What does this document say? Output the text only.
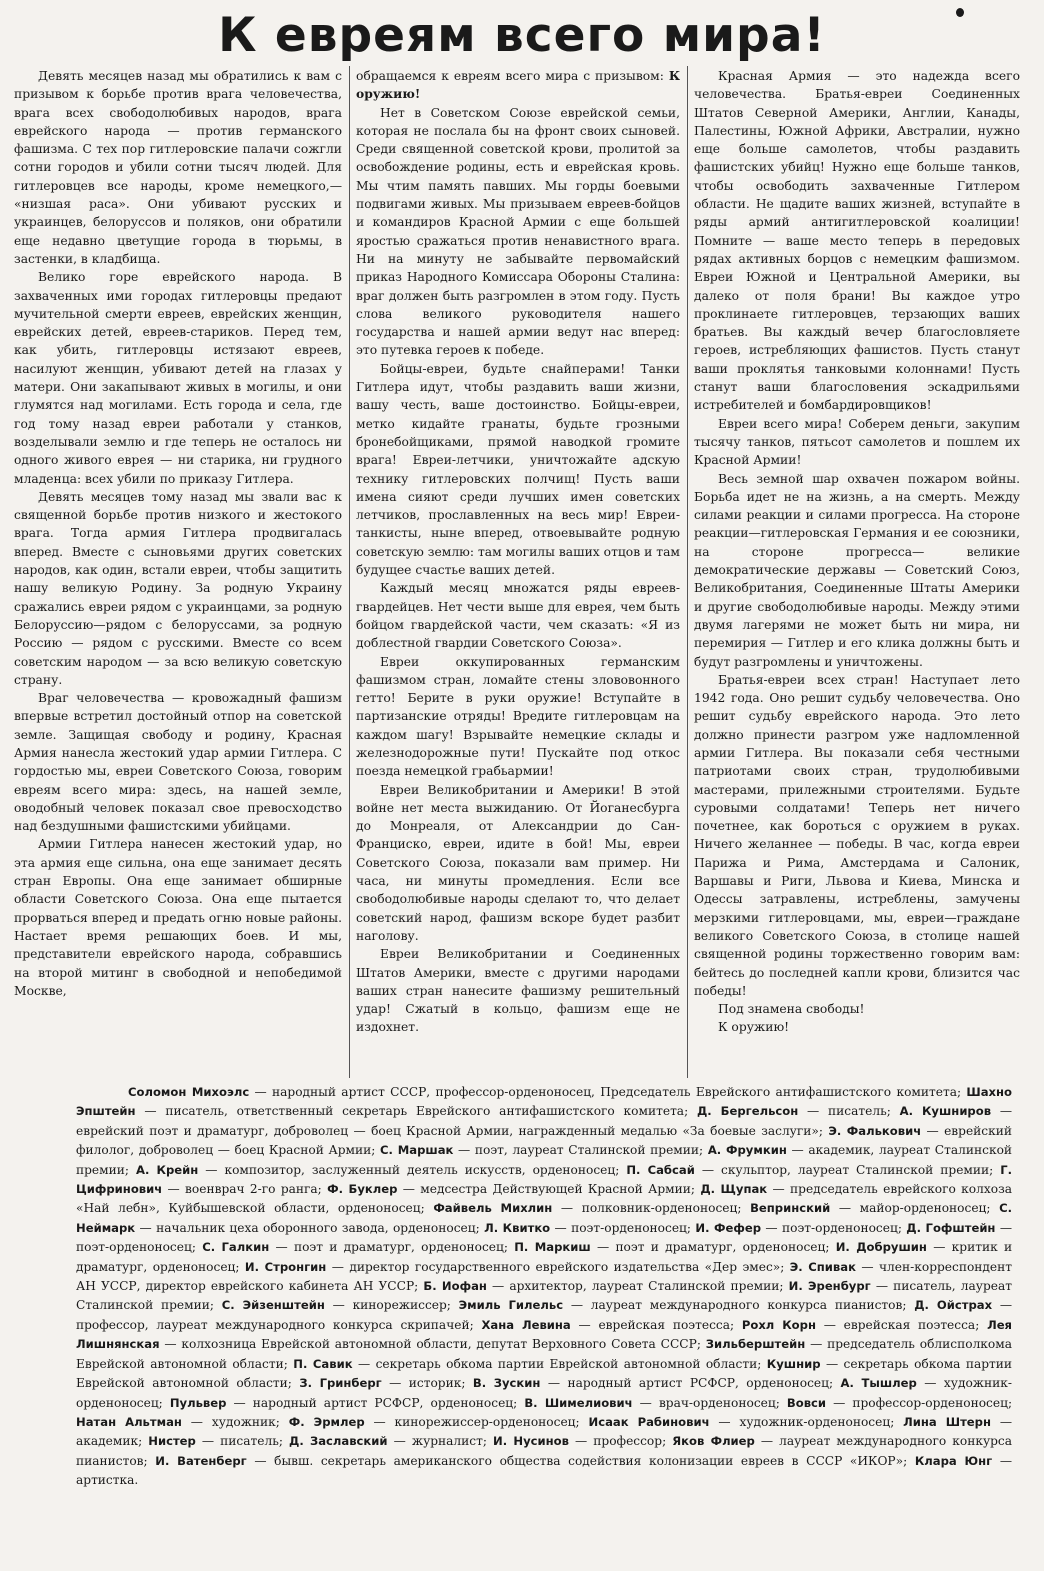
К евреям всего мира!

Девять месяцев назад мы обратились к вам с призывом к борьбе против врага человечества, врага всех свободолюбивых народов, врага еврейского народа — против германского фашизма. С тех пор гитлеровские палачи сожгли сотни городов и убили сотни тысяч людей. Для гитлеровцев все народы, кроме немецкого,— «низшая раса». Они убивают русских и украинцев, белоруссов и поляков, они обратили еще недавно цветущие города в тюрьмы, в застенки, в кладбища.

Велико горе еврейского народа. В захваченных ими городах гитлеровцы предают мучительной смерти евреев, еврейских женщин, еврейских детей, евреев-стариков. Перед тем, как убить, гитлеровцы истязают евреев, насилуют женщин, убивают детей на глазах у матери. Они закапывают живых в могилы, и они глумятся над могилами. Есть города и села, где год тому назад евреи работали у станков, возделывали землю и где теперь не осталось ни одного живого еврея — ни старика, ни грудного младенца: всех убили по приказу Гитлера.

Девять месяцев тому назад мы звали вас к священной борьбе против низкого и жестокого врага. Тогда армия Гитлера продвигалась вперед. Вместе с сыновьями других советских народов, как один, встали евреи, чтобы защитить нашу великую Родину. За родную Украину сражались евреи рядом с украинцами, за родную Белоруссию—рядом с белоруссами, за родную Россию — рядом с русскими. Вместе со всем советским народом — за всю великую советскую страну.

Враг человечества — кровожадный фашизм впервые встретил достойный отпор на советской земле. Защищая свободу и родину, Красная Армия нанесла жестокий удар армии Гитлера. С гордостью мы, евреи Советского Союза, говорим евреям всего мира: здесь, на нашей земле, оводобный человек показал свое превосходство над бездушными фашистскими убийцами.

Армии Гитлера нанесен жестокий удар, но эта армия еще сильна, она еще занимает десять стран Европы. Она еще занимает обширные области Советского Союза. Она еще пытается прорваться вперед и предать огню новые районы. Настает время решающих боев. И мы, представители еврейского народа, собравшись на второй митинг в свободной и непобедимой Москве,

обращаемся к евреям всего мира с призывом: К оружию!

Нет в Советском Союзе еврейской семьи, которая не послала бы на фронт своих сыновей. Среди священной советской крови, пролитой за освобождение родины, есть и еврейская кровь. Мы чтим память павших. Мы горды боевыми подвигами живых. Мы призываем евреев-бойцов и командиров Красной Армии с еще большей яростью сражаться против ненавистного врага. Ни на минуту не забывайте первомайский приказ Народного Комиссара Обороны Сталина: враг должен быть разгромлен в этом году. Пусть слова великого руководителя нашего государства и нашей армии ведут нас вперед: это путевка героев к победе.

Бойцы-евреи, будьте снайперами! Танки Гитлера идут, чтобы раздавить ваши жизни, вашу честь, ваше достоинство. Бойцы-евреи, метко кидайте гранаты, будьте грозными бронебойщиками, прямой наводкой громите врага! Евреи-летчики, уничтожайте адскую технику гитлеровских полчищ! Пусть ваши имена сияют среди лучших имен советских летчиков, прославленных на весь мир! Евреи-танкисты, ныне вперед, отвоевывайте родную советскую землю: там могилы ваших отцов и там будущее счастье ваших детей.

Каждый месяц множатся ряды евреев-гвардейцев. Нет чести выше для еврея, чем быть бойцом гвардейской части, чем сказать: «Я из доблестной гвардии Советского Союза».

Евреи оккупированных германским фашизмом стран, ломайте стены злововонного гетто! Берите в руки оружие! Вступайте в партизанские отряды! Вредите гитлеровцам на каждом шагу! Взрывайте немецкие склады и железнодорожные пути! Пускайте под откос поезда немецкой грабьармии!

Евреи Великобритании и Америки! В этой войне нет места выжиданию. От Йоганесбурга до Монреаля, от Александрии до Сан-Франциско, евреи, идите в бой! Мы, евреи Советского Союза, показали вам пример. Ни часа, ни минуты промедления. Если все свободолюбивые народы сделают то, что делает советский народ, фашизм вскоре будет разбит наголову.

Евреи Великобритании и Соединенных Штатов Америки, вместе с другими народами ваших стран нанесите фашизму решительный удар! Сжатый в кольцо, фашизм еще не издохнет.

Красная Армия — это надежда всего человечества. Братья-евреи Соединенных Штатов Северной Америки, Англии, Канады, Палестины, Южной Африки, Австралии, нужно еще больше самолетов, чтобы раздавить фашистских убийц! Нужно еще больше танков, чтобы освободить захваченные Гитлером области. Не щадите ваших жизней, вступайте в ряды армий антигитлеровской коалиции! Помните — ваше место теперь в передовых рядах активных борцов с немецким фашизмом. Евреи Южной и Центральной Америки, вы далеко от поля брани! Вы каждое утро проклинаете гитлеровцев, терзающих ваших братьев. Вы каждый вечер благословляете героев, истребляющих фашистов. Пусть станут ваши проклятья танковыми колоннами! Пусть станут ваши благословения эскадрильями истребителей и бомбардировщиков!

Евреи всего мира! Соберем деньги, закупим тысячу танков, пятьсот самолетов и пошлем их Красной Армии!

Весь земной шар охвачен пожаром войны. Борьба идет не на жизнь, а на смерть. Между силами реакции и силами прогресса. На стороне реакции—гитлеровская Германия и ее союзники, на стороне прогресса— великие демократические державы — Советский Союз, Великобритания, Соединенные Штаты Америки и другие свободолюбивые народы. Между этими двумя лагерями не может быть ни мира, ни перемирия — Гитлер и его клика должны быть и будут разгромлены и уничтожены.

Братья-евреи всех стран! Наступает лето 1942 года. Оно решит судьбу человечества. Оно решит судьбу еврейского народа. Это лето должно принести разгром уже надломленной армии Гитлера. Вы показали себя честными патриотами своих стран, трудолюбивыми мастерами, прилежными строителями. Будьте суровыми солдатами! Теперь нет ничего почетнее, как бороться с оружием в руках. Ничего желаннее — победы. В час, когда евреи Парижа и Рима, Амстердама и Салоник, Варшавы и Риги, Львова и Киева, Минска и Одессы затравлены, истреблены, замучены мерзкими гитлеровцами, мы, евреи—граждане великого Советского Союза, в столице нашей священной родины торжественно говорим вам: бейтесь до последней капли крови, близится час победы!

Под знамена свободы!

К оружию!

Соломон Михоэлс — народный артист СССР, профессор-орденоносец, Председатель Еврейского антифашистского комитета; Шахно Эпштейн — писатель, ответственный секретарь Еврейского антифашистского комитета; Д. Бергельсон — писатель; А. Кушниров — еврейский поэт и драматург, доброволец — боец Красной Армии, награжденный медалью «За боевые заслуги»; Э. Фалькович — еврейский филолог, доброволец — боец Красной Армии; С. Маршак — поэт, лауреат Сталинской премии; А. Фрумкин — академик, лауреат Сталинской премии; А. Крейн — композитор, заслуженный деятель искусств, орденоносец; П. Сабсай — скульптор, лауреат Сталинской премии; Г. Цифринович — военврач 2-го ранга; Ф. Буклер — медсестра Действующей Красной Армии; Д. Щупак — председатель еврейского колхоза «Най лебн», Куйбышевской области, орденоносец; Файвель Михлин — полковник-орденоносец; Вепринский — майор-орденоносец; С. Неймарк — начальник цеха оборонного завода, орденоносец; Л. Квитко — поэт-орденоносец; И. Фефер — поэт-орденоносец; Д. Гофштейн — поэт-орденоносец; С. Галкин — поэт и драматург, орденоносец; П. Маркиш — поэт и драматург, орденоносец; И. Добрушин — критик и драматург, орденоносец; И. Стронгин — директор государственного еврейского издательства «Дер эмес»; Э. Спивак — член-корреспондент АН УССР, директор еврейского кабинета АН УССР; Б. Иофан — архитектор, лауреат Сталинской премии; И. Эренбург — писатель, лауреат Сталинской премии; С. Эйзенштейн — кинорежиссер; Эмиль Гилельс — лауреат международного конкурса пианистов; Д. Ойстрах — профессор, лауреат международного конкурса скрипачей; Хана Левина — еврейская поэтесса; Рохл Корн — еврейская поэтесса; Лея Лишнянская — колхозница Еврейской автономной области, депутат Верховного Совета СССР; Зильберштейн — председатель облисполкома Еврейской автономной области; П. Савик — секретарь обкома партии Еврейской автономной области; Кушнир — секретарь обкома партии Еврейской автономной области; З. Гринберг — историк; В. Зускин — народный артист РСФСР, орденоносец; А. Тышлер — художник-орденоносец; Пульвер — народный артист РСФСР, орденоносец; В. Шимелиович — врач-орденоносец; Вовси — профессор-орденоносец; Натан Альтман — художник; Ф. Эрмлер — кинорежиссер-орденоносец; Исаак Рабинович — художник-орденоносец; Лина Штерн — академик; Нистер — писатель; Д. Заславский — журналист; И. Нусинов — профессор; Яков Флиер — лауреат международного конкурса пианистов; И. Ватенберг — бывш. секретарь американского общества содействия колонизации евреев в СССР «ИКОР»; Клара Юнг — артистка.
